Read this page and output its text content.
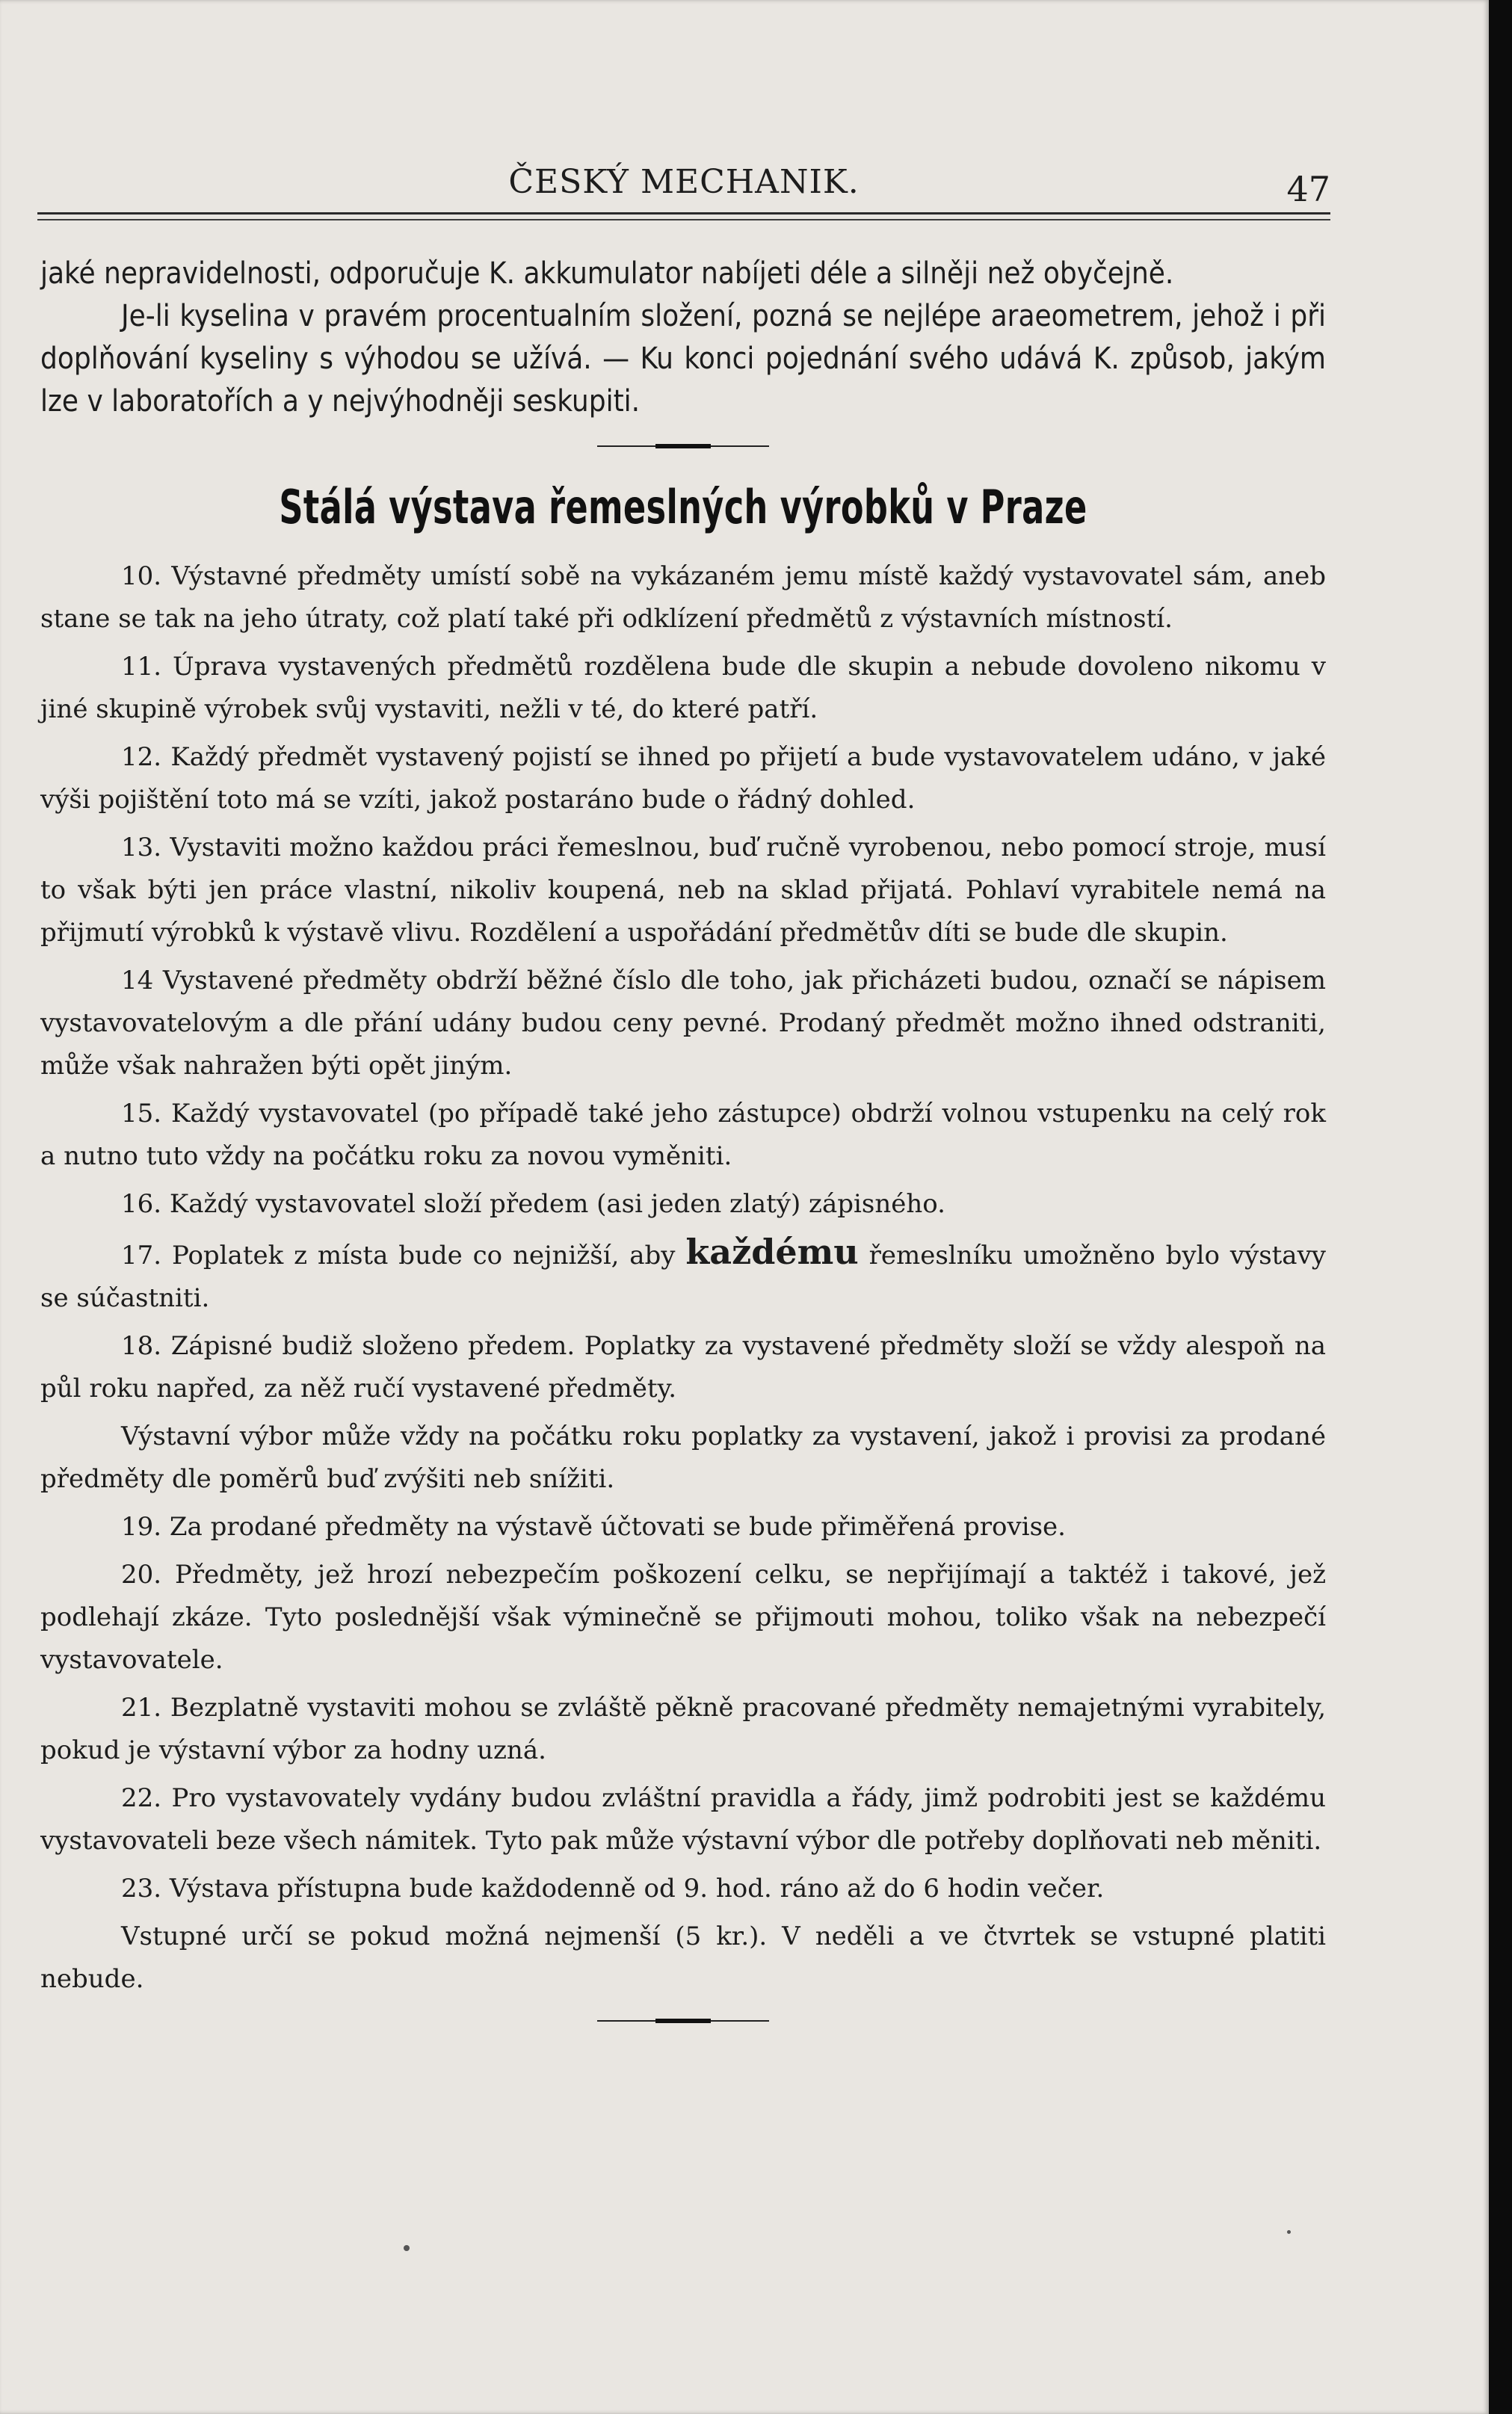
ČESKÝ MECHANIK.	47

jaké nepravidelnosti, odporučuje K. akkumulator nabíjeti déle a silněji než obyčejně.

Je-li kyselina v pravém procentualním složení, pozná se nejlépe araeometrem, jehož i při doplňování kyseliny s výhodou se užívá. — Ku konci pojednání svého udává K. způsob, jakým lze v laboratořích a y nejvýhodněji seskupiti.

Stálá výstava řemeslných výrobků v Praze

10. Výstavné předměty umístí sobě na vykázaném jemu místě každý vystavovatel sám, aneb stane se tak na jeho útraty, což platí také při odklízení předmětů z výstavních místností.

11. Úprava vystavených předmětů rozdělena bude dle skupin a nebude dovoleno nikomu v jiné skupině výrobek svůj vystaviti, nežli v té, do které patří.

12. Každý předmět vystavený pojistí se ihned po přijetí a bude vystavovatelem udáno, v jaké výši pojištění toto má se vzíti, jakož postaráno bude o řádný dohled.

13. Vystaviti možno každou práci řemeslnou, buď ručně vyrobenou, nebo pomocí stroje, musí to však býti jen práce vlastní, nikoliv koupená, neb na sklad přijatá. Pohlaví vyrabitele nemá na přijmutí výrobků k výstavě vlivu. Rozdělení a uspořádání předmětův díti se bude dle skupin.

14 Vystavené předměty obdrží běžné číslo dle toho, jak přicházeti budou, označí se nápisem vystavovatelovým a dle přání udány budou ceny pevné. Prodaný předmět možno ihned odstraniti, může však nahražen býti opět jiným.

15. Každý vystavovatel (po případě také jeho zástupce) obdrží volnou vstupenku na celý rok a nutno tuto vždy na počátku roku za novou vyměniti.

16. Každý vystavovatel složí předem (asi jeden zlatý) zápisného.

17. Poplatek z místa bude co nejnižší, aby každému řemeslníku umožněno bylo výstavy se súčastniti.

18. Zápisné budiž složeno předem. Poplatky za vystavené předměty složí se vždy alespoň na půl roku napřed, za něž ručí vystavené předměty.

Výstavní výbor může vždy na počátku roku poplatky za vystavení, jakož i provisi za prodané předměty dle poměrů buď zvýšiti neb snížiti.

19. Za prodané předměty na výstavě účtovati se bude přiměřená provise.

20. Předměty, jež hrozí nebezpečím poškození celku, se nepřijímají a taktéž i takové, jež podlehají zkáze. Tyto poslednější však výminečně se přijmouti mohou, toliko však na nebezpečí vystavovatele.

21. Bezplatně vystaviti mohou se zvláště pěkně pracované předměty nemajetnými vyrabitely, pokud je výstavní výbor za hodny uzná.

22. Pro vystavovately vydány budou zvláštní pravidla a řády, jimž podrobiti jest se každému vystavovateli beze všech námitek. Tyto pak může výstavní výbor dle potřeby doplňovati neb měniti.

23. Výstava přístupna bude každodenně od 9. hod. ráno až do 6 hodin večer.

Vstupné určí se pokud možná nejmenší (5 kr.). V neděli a ve čtvrtek se vstupné platiti nebude.
